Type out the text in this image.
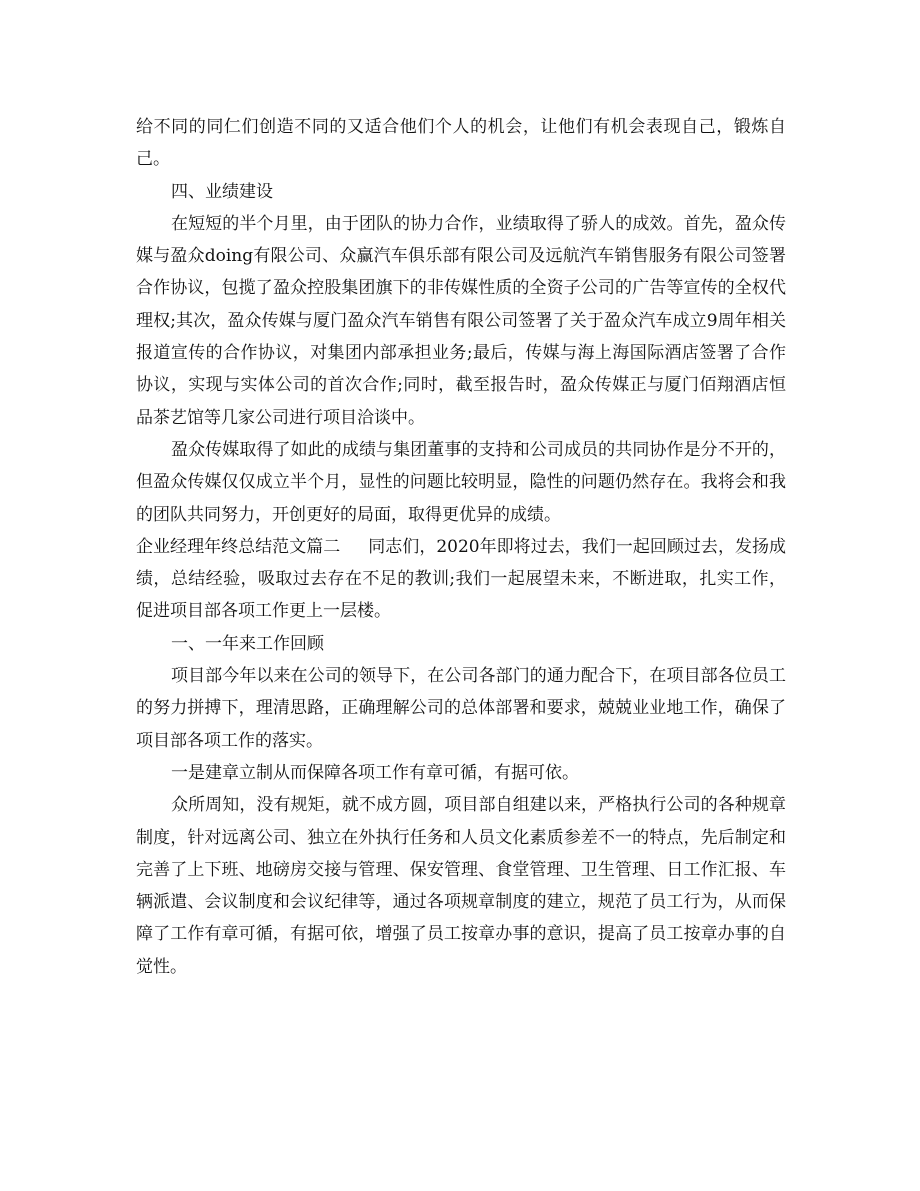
给不同的同仁们创造不同的又适合他们个人的机会，让他们有机会表现自己，锻炼自己。

四、业绩建设

在短短的半个月里，由于团队的协力合作，业绩取得了骄人的成效。首先，盈众传媒与盈众doing有限公司、众赢汽车俱乐部有限公司及远航汽车销售服务有限公司签署合作协议，包揽了盈众控股集团旗下的非传媒性质的全资子公司的广告等宣传的全权代理权;其次，盈众传媒与厦门盈众汽车销售有限公司签署了关于盈众汽车成立9周年相关报道宣传的合作协议，对集团内部承担业务;最后，传媒与海上海国际酒店签署了合作协议，实现与实体公司的首次合作;同时，截至报告时，盈众传媒正与厦门佰翔酒店恒品茶艺馆等几家公司进行项目洽谈中。

盈众传媒取得了如此的成绩与集团董事的支持和公司成员的共同协作是分不开的，但盈众传媒仅仅成立半个月，显性的问题比较明显，隐性的问题仍然存在。我将会和我的团队共同努力，开创更好的局面，取得更优异的成绩。

企业经理年终总结范文篇二 同志们，2020年即将过去，我们一起回顾过去，发扬成绩，总结经验，吸取过去存在不足的教训;我们一起展望未来，不断进取，扎实工作，促进项目部各项工作更上一层楼。

一、一年来工作回顾

项目部今年以来在公司的领导下，在公司各部门的通力配合下，在项目部各位员工的努力拼搏下，理清思路，正确理解公司的总体部署和要求，兢兢业业地工作，确保了项目部各项工作的落实。

一是建章立制从而保障各项工作有章可循，有据可依。

众所周知，没有规矩，就不成方圆，项目部自组建以来，严格执行公司的各种规章制度，针对远离公司、独立在外执行任务和人员文化素质参差不一的特点，先后制定和完善了上下班、地磅房交接与管理、保安管理、食堂管理、卫生管理、日工作汇报、车辆派遣、会议制度和会议纪律等，通过各项规章制度的建立，规范了员工行为，从而保障了工作有章可循，有据可依，增强了员工按章办事的意识，提高了员工按章办事的自觉性。
